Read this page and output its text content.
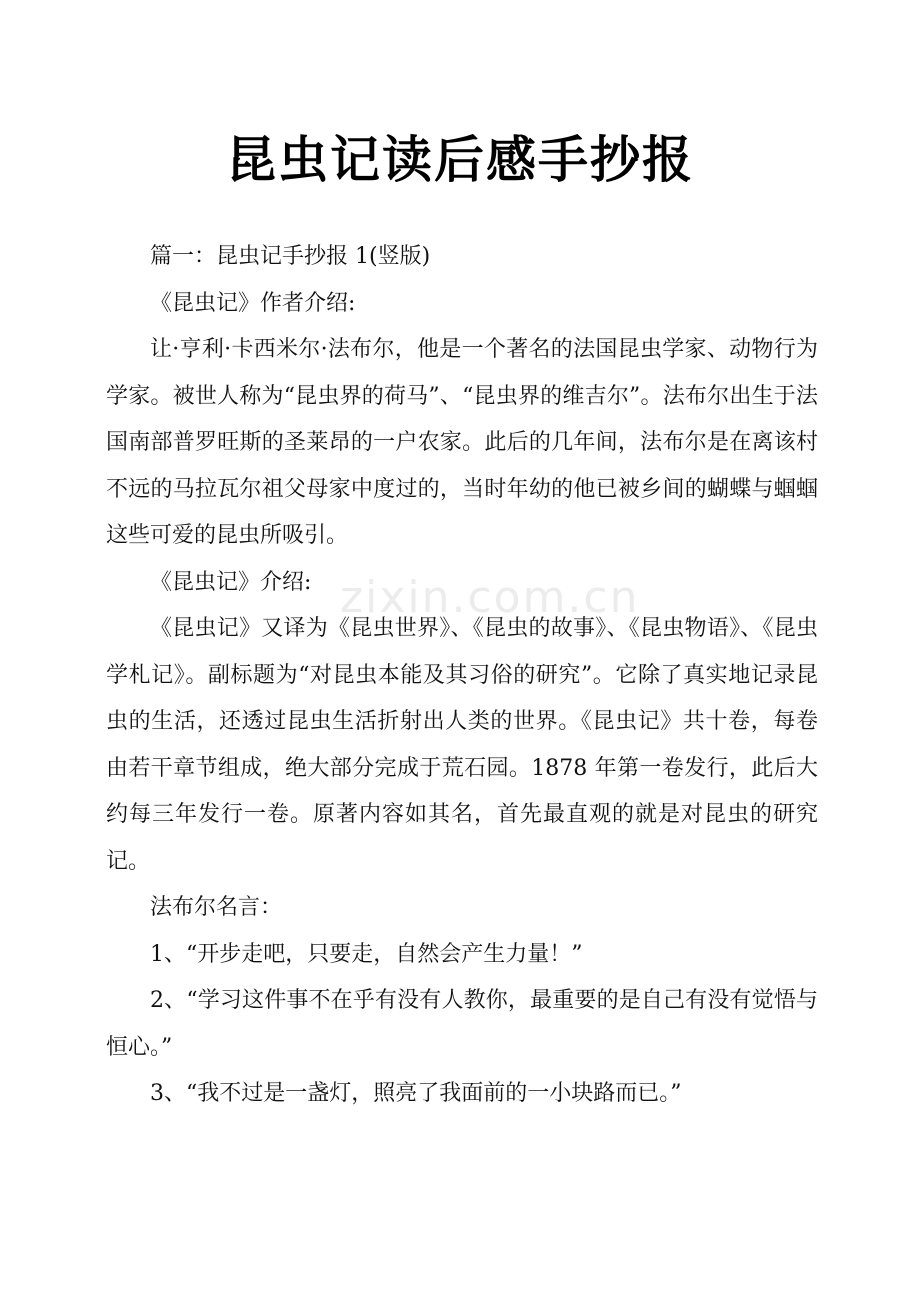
zixin.com.cn
昆虫记读后感手抄报

篇一：昆虫记手抄报 1(竖版)

《昆虫记》作者介绍:

让·亨利·卡西米尔·法布尔，他是一个著名的法国昆虫学家、动物行为学家。被世人称为“昆虫界的荷马”、“昆虫界的维吉尔”。法布尔出生于法国南部普罗旺斯的圣莱昂的一户农家。此后的几年间，法布尔是在离该村不远的马拉瓦尔祖父母家中度过的，当时年幼的他已被乡间的蝴蝶与蝈蝈这些可爱的昆虫所吸引。

《昆虫记》介绍:

《昆虫记》又译为《昆虫世界》、《昆虫的故事》、《昆虫物语》、《昆虫学札记》。副标题为“对昆虫本能及其习俗的研究”。它除了真实地记录昆虫的生活，还透过昆虫生活折射出人类的世界。《昆虫记》共十卷，每卷由若干章节组成，绝大部分完成于荒石园。1878 年第一卷发行，此后大约每三年发行一卷。原著内容如其名，首先最直观的就是对昆虫的研究记。

法布尔名言：

1、“开步走吧，只要走，自然会产生力量！”

2、“学习这件事不在乎有没有人教你，最重要的是自己有没有觉悟与恒心。”

3、“我不过是一盏灯，照亮了我面前的一小块路而已。”
